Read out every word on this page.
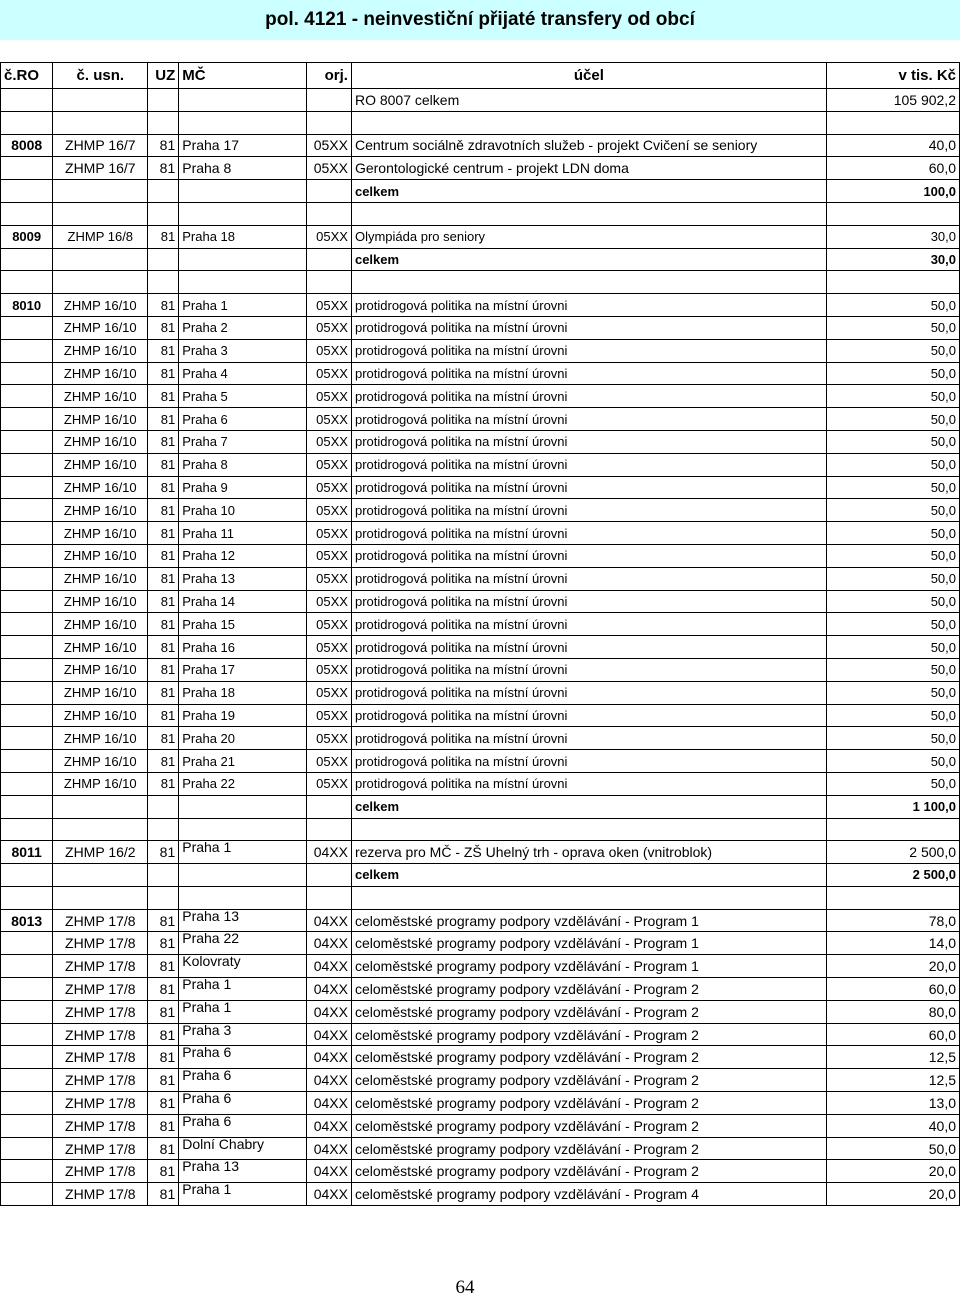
pol. 4121 - neinvestiční přijaté transfery od obcí
č.RO	č. usn.	UZ	MČ	orj.	účel	v tis. Kč
					RO 8007 celkem	105 902,2

8008	ZHMP 16/7	81	Praha 17	05XX	Centrum sociálně zdravotních služeb - projekt Cvičení se seniory	40,0
	ZHMP 16/7	81	Praha 8	05XX	Gerontologické centrum - projekt LDN doma	60,0
					celkem	100,0

8009	ZHMP 16/8	81	Praha 18	05XX	Olympiáda pro seniory	30,0
					celkem	30,0

8010	ZHMP 16/10	81	Praha 1	05XX	protidrogová politika na místní úrovni	50,0
	ZHMP 16/10	81	Praha 2	05XX	protidrogová politika na místní úrovni	50,0
	ZHMP 16/10	81	Praha 3	05XX	protidrogová politika na místní úrovni	50,0
	ZHMP 16/10	81	Praha 4	05XX	protidrogová politika na místní úrovni	50,0
	ZHMP 16/10	81	Praha 5	05XX	protidrogová politika na místní úrovni	50,0
	ZHMP 16/10	81	Praha 6	05XX	protidrogová politika na místní úrovni	50,0
	ZHMP 16/10	81	Praha 7	05XX	protidrogová politika na místní úrovni	50,0
	ZHMP 16/10	81	Praha 8	05XX	protidrogová politika na místní úrovni	50,0
	ZHMP 16/10	81	Praha 9	05XX	protidrogová politika na místní úrovni	50,0
	ZHMP 16/10	81	Praha 10	05XX	protidrogová politika na místní úrovni	50,0
	ZHMP 16/10	81	Praha 11	05XX	protidrogová politika na místní úrovni	50,0
	ZHMP 16/10	81	Praha 12	05XX	protidrogová politika na místní úrovni	50,0
	ZHMP 16/10	81	Praha 13	05XX	protidrogová politika na místní úrovni	50,0
	ZHMP 16/10	81	Praha 14	05XX	protidrogová politika na místní úrovni	50,0
	ZHMP 16/10	81	Praha 15	05XX	protidrogová politika na místní úrovni	50,0
	ZHMP 16/10	81	Praha 16	05XX	protidrogová politika na místní úrovni	50,0
	ZHMP 16/10	81	Praha 17	05XX	protidrogová politika na místní úrovni	50,0
	ZHMP 16/10	81	Praha 18	05XX	protidrogová politika na místní úrovni	50,0
	ZHMP 16/10	81	Praha 19	05XX	protidrogová politika na místní úrovni	50,0
	ZHMP 16/10	81	Praha 20	05XX	protidrogová politika na místní úrovni	50,0
	ZHMP 16/10	81	Praha 21	05XX	protidrogová politika na místní úrovni	50,0
	ZHMP 16/10	81	Praha 22	05XX	protidrogová politika na místní úrovni	50,0
					celkem	1 100,0

8011	ZHMP 16/2	81	Praha 1	04XX	rezerva pro MČ - ZŠ Uhelný trh - oprava oken (vnitroblok)	2 500,0
					celkem	2 500,0

8013	ZHMP 17/8	81	Praha 13	04XX	celoměstské programy podpory vzdělávání - Program 1	78,0
	ZHMP 17/8	81	Praha 22	04XX	celoměstské programy podpory vzdělávání - Program 1	14,0
	ZHMP 17/8	81	Kolovraty	04XX	celoměstské programy podpory vzdělávání - Program 1	20,0
	ZHMP 17/8	81	Praha 1	04XX	celoměstské programy podpory vzdělávání - Program 2	60,0
	ZHMP 17/8	81	Praha 1	04XX	celoměstské programy podpory vzdělávání - Program 2	80,0
	ZHMP 17/8	81	Praha 3	04XX	celoměstské programy podpory vzdělávání - Program 2	60,0
	ZHMP 17/8	81	Praha 6	04XX	celoměstské programy podpory vzdělávání - Program 2	12,5
	ZHMP 17/8	81	Praha 6	04XX	celoměstské programy podpory vzdělávání - Program 2	12,5
	ZHMP 17/8	81	Praha 6	04XX	celoměstské programy podpory vzdělávání - Program 2	13,0
	ZHMP 17/8	81	Praha 6	04XX	celoměstské programy podpory vzdělávání - Program 2	40,0
	ZHMP 17/8	81	Dolní Chabry	04XX	celoměstské programy podpory vzdělávání - Program 2	50,0
	ZHMP 17/8	81	Praha 13	04XX	celoměstské programy podpory vzdělávání - Program 2	20,0
	ZHMP 17/8	81	Praha 1	04XX	celoměstské programy podpory vzdělávání - Program 4	20,0
64
